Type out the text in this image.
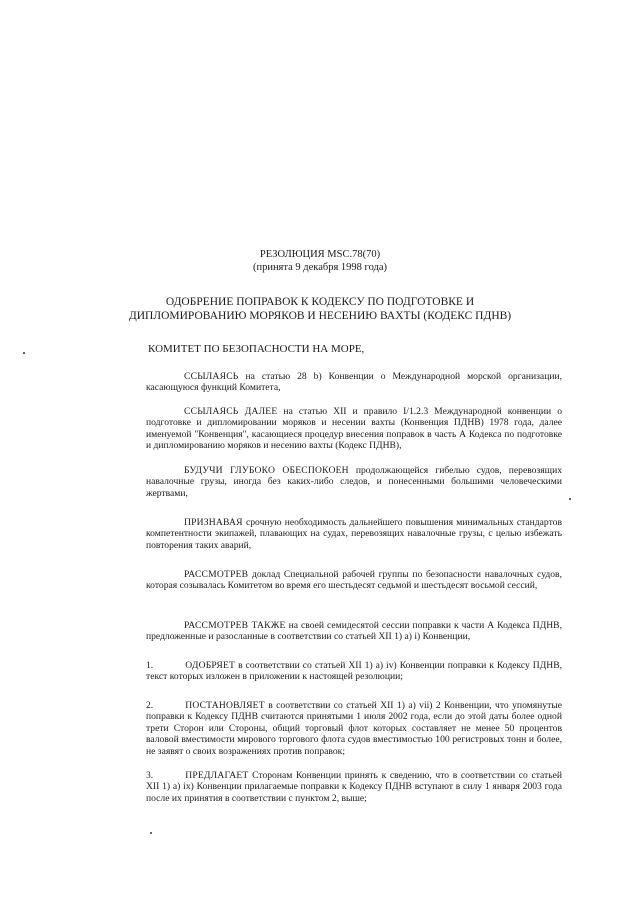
РЕЗОЛЮЦИЯ MSC.78(70)
(принята 9 декабря 1998 года)
ОДОБРЕНИЕ ПОПРАВОК К КОДЕКСУ ПО ПОДГОТОВКЕ И
ДИПЛОМИРОВАНИЮ МОРЯКОВ И НЕСЕНИЮ ВАХТЫ (КОДЕКС ПДНВ)
КОМИТЕТ ПО БЕЗОПАСНОСТИ НА МОРЕ,
ССЫЛАЯСЬ на статью 28 b) Конвенции о Международной морской организации, касающуюся функций Комитета,
ССЫЛАЯСЬ ДАЛЕЕ на статью XII и правило I/1.2.3 Международной конвенции о подготовке и дипломировании моряков и несении вахты (Конвенция ПДНВ) 1978 года, далее именуемой "Конвенция", касающиеся процедур внесения поправок в часть А Кодекса по подготовке и дипломированию моряков и несению вахты (Кодекс ПДНВ),
БУДУЧИ ГЛУБОКО ОБЕСПОКОЕН продолжающейся гибелью судов, перевозящих навалочные грузы, иногда без каких-либо следов, и понесенными большими человеческими жертвами,
ПРИЗНАВАЯ срочную необходимость дальнейшего повышения минимальных стандартов компетентности экипажей, плавающих на судах, перевозящих навалочные грузы, с целью избежать повторения таких аварий,
РАССМОТРЕВ доклад Специальной рабочей группы по безопасности навалочных судов, которая созывалась Комитетом во время его шестьдесят седьмой и шестьдесят восьмой сессий,
РАССМОТРЕВ ТАКЖЕ на своей семидесятой сессии поправки к части А Кодекса ПДНВ, предложенные и разосланные в соответствии со статьей XII 1) a) i) Конвенции,
1.	ОДОБРЯЕТ в соответствии со статьей XII 1) a) iv) Конвенции поправки к Кодексу ПДНВ, текст которых изложен в приложении к настоящей резолюции;
2.	ПОСТАНОВЛЯЕТ в соответствии со статьей XII 1) a) vii) 2 Конвенции, что упомянутые поправки к Кодексу ПДНВ считаются принятыми 1 июля 2002 года, если до этой даты более одной трети Сторон или Стороны, общий торговый флот которых составляет не менее 50 процентов валовой вместимости мирового торгового флота судов вместимостью 100 регистровых тонн и более, не заявят о своих возражениях против поправок;
3.	ПРЕДЛАГАЕТ Сторонам Конвенции принять к сведению, что в соответствии со статьей XII 1) a) ix) Конвенции прилагаемые поправки к Кодексу ПДНВ вступают в силу 1 января 2003 года после их принятия в соответствии с пунктом 2, выше;
